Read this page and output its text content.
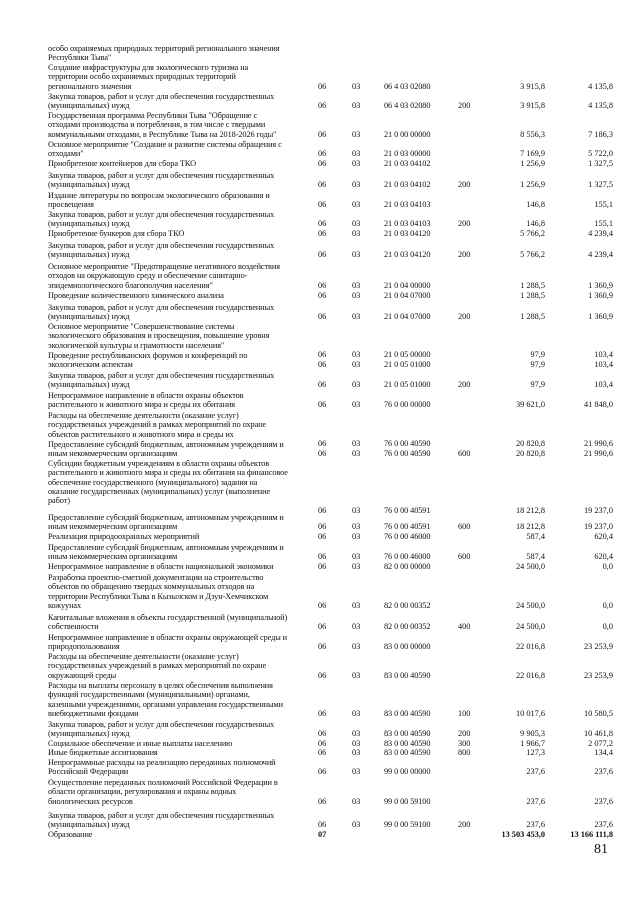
особо охраняемых природных территорий регионального значения
Республики Тыва"
Создание инфраструктуры для экологического туризма на
территории особо охраняемых природных территорий
регионального значения	06	03	06 4 03 02080	3 915,8	4 135,8
Закупка товаров, работ и услуг для обеспечения государственных
(муниципальных) нужд	06	03	06 4 03 02080	200	3 915,8	4 135,8
Государственная программа Республики Тыва "Обращение с
отходами производства и потребления, в том числе с твердыми
коммунальными отходами, в Республике Тыва на 2018-2026 годы"	06	03	21 0 00 00000	8 556,3	7 186,3
Основное мероприятие "Создание и развитие системы обращения с
отходами"	06	03	21 0 03 00000	7 169,9	5 722,0
Приобретение контейнеров для сбора ТКО	06	03	21 0 03 04102	1 256,9	1 327,5
Закупка товаров, работ и услуг для обеспечения государственных
(муниципальных) нужд	06	03	21 0 03 04102	200	1 256,9	1 327,5
Издание литературы по вопросам экологического образования и
просвещения	06	03	21 0 03 04103	146,8	155,1
Закупка товаров, работ и услуг для обеспечения государственных
(муниципальных) нужд	06	03	21 0 03 04103	200	146,8	155,1
Приобретение бункеров для сбора ТКО	06	03	21 0 03 04120	5 766,2	4 239,4
Закупка товаров, работ и услуг для обеспечения государственных
(муниципальных) нужд	06	03	21 0 03 04120	200	5 766,2	4 239,4
Основное мероприятие "Предотвращение негативного воздействия
отходов на окружающую среду и обеспечение санитарно-
эпидемиологического благополучия населения"	06	03	21 0 04 00000	1 288,5	1 360,9
Проведение количественного химического анализа	06	03	21 0 04 07000	1 288,5	1 360,9
Закупка товаров, работ и услуг для обеспечения государственных
(муниципальных) нужд	06	03	21 0 04 07000	200	1 288,5	1 360,9
Основное мероприятие "Совершенствование системы
экологического образования и просвещения, повышение уровня
экологической культуры и грамотности населения"
06	03	21 0 05 00000	97,9	103,4
Проведение республиканских форумов и конференций по
экологическим аспектам	06	03	21 0 05 01000	97,9	103,4
Закупка товаров, работ и услуг для обеспечения государственных
(муниципальных) нужд	06	03	21 0 05 01000	200	97,9	103,4
Непрограммное направление в области охраны объектов
растительного и животного мира и среды их обитания	06	03	76 0 00 00000	39 621,0	41 848,0
Расходы на обеспечение деятельности (оказание услуг)
государственных учреждений в рамках мероприятий по охране
объектов растительного и животного мира и среды их
06	03	76 0 00 40590	20 820,8	21 990,6
Предоставление субсидий бюджетным, автономным учреждениям и
иным некоммерческим организациям	06	03	76 0 00 40590	600	20 820,8	21 990,6
Субсидии бюджетным учреждениям в области охраны объектов
растительного и животного мира и среды их обитания на финансовое
обеспечение государственного (муниципального) задания на
оказание государственных (муниципальных) услуг (выполнение
работ)
06	03	76 0 00 40591	18 212,8	19 237,0
Предоставление субсидий бюджетным, автономным учреждениям и
иным некоммерческим организациям	06	03	76 0 00 40591	600	18 212,8	19 237,0
Реализация природоохранных мероприятий	06	03	76 0 00 46000	587,4	620,4
Предоставление субсидий бюджетным, автономным учреждениям и
иным некоммерческим организациям	06	03	76 0 00 46000	600	587,4	620,4
Непрограммное направление в области национальной экономики	06	03	82 0 00 00000	24 500,0	0,0
Разработка проектно-сметной документации на строительство
объектов по обращению твердых коммунальных отходов на
территории Республики Тыва в Кызылском и Дзун-Хемчикском
кожуунах	06	03	82 0 00 00352	24 500,0	0,0
Капитальные вложения в объекты государственной (муниципальной)
собственности	06	03	82 0 00 00352	400	24 500,0	0,0
Непрограммное направление в области охраны окружающей среды и
природопользования	06	03	83 0 00 00000	22 016,8	23 253,9
Расходы на обеспечение деятельности (оказание услуг)
государственных учреждений в рамках мероприятий по охране
окружающей среды	06	03	83 0 00 40590	22 016,8	23 253,9
Расходы на выплаты персоналу в целях обеспечения выполнения
функций государственными (муниципальными) органами,
казенными учреждениями, органами управления государственными
внебюджетными фондами	06	03	83 0 00 40590	100	10 017,6	10 580,5
Закупка товаров, работ и услуг для обеспечения государственных
(муниципальных) нужд	06	03	83 0 00 40590	200	9 905,3	10 461,8
Социальное обеспечение и иные выплаты населению	06	03	83 0 00 40590	300	1 966,7	2 077,2
Иные бюджетные ассигнования	06	03	83 0 00 40590	800	127,3	134,4
Непрограммные расходы на реализацию переданных полномочий
Российской Федерации	06	03	99 0 00 00000	237,6	237,6
Осуществление переданных полномочий Российской Федерации в
области организации, регулирования и охраны водных
биологических ресурсов	06	03	99 0 00 59100	237,6	237,6
Закупка товаров, работ и услуг для обеспечения государственных
(муниципальных) нужд	06	03	99 0 00 59100	200	237,6	237,6
Образование	07	13 503 453,0	13 166 111,8
81
